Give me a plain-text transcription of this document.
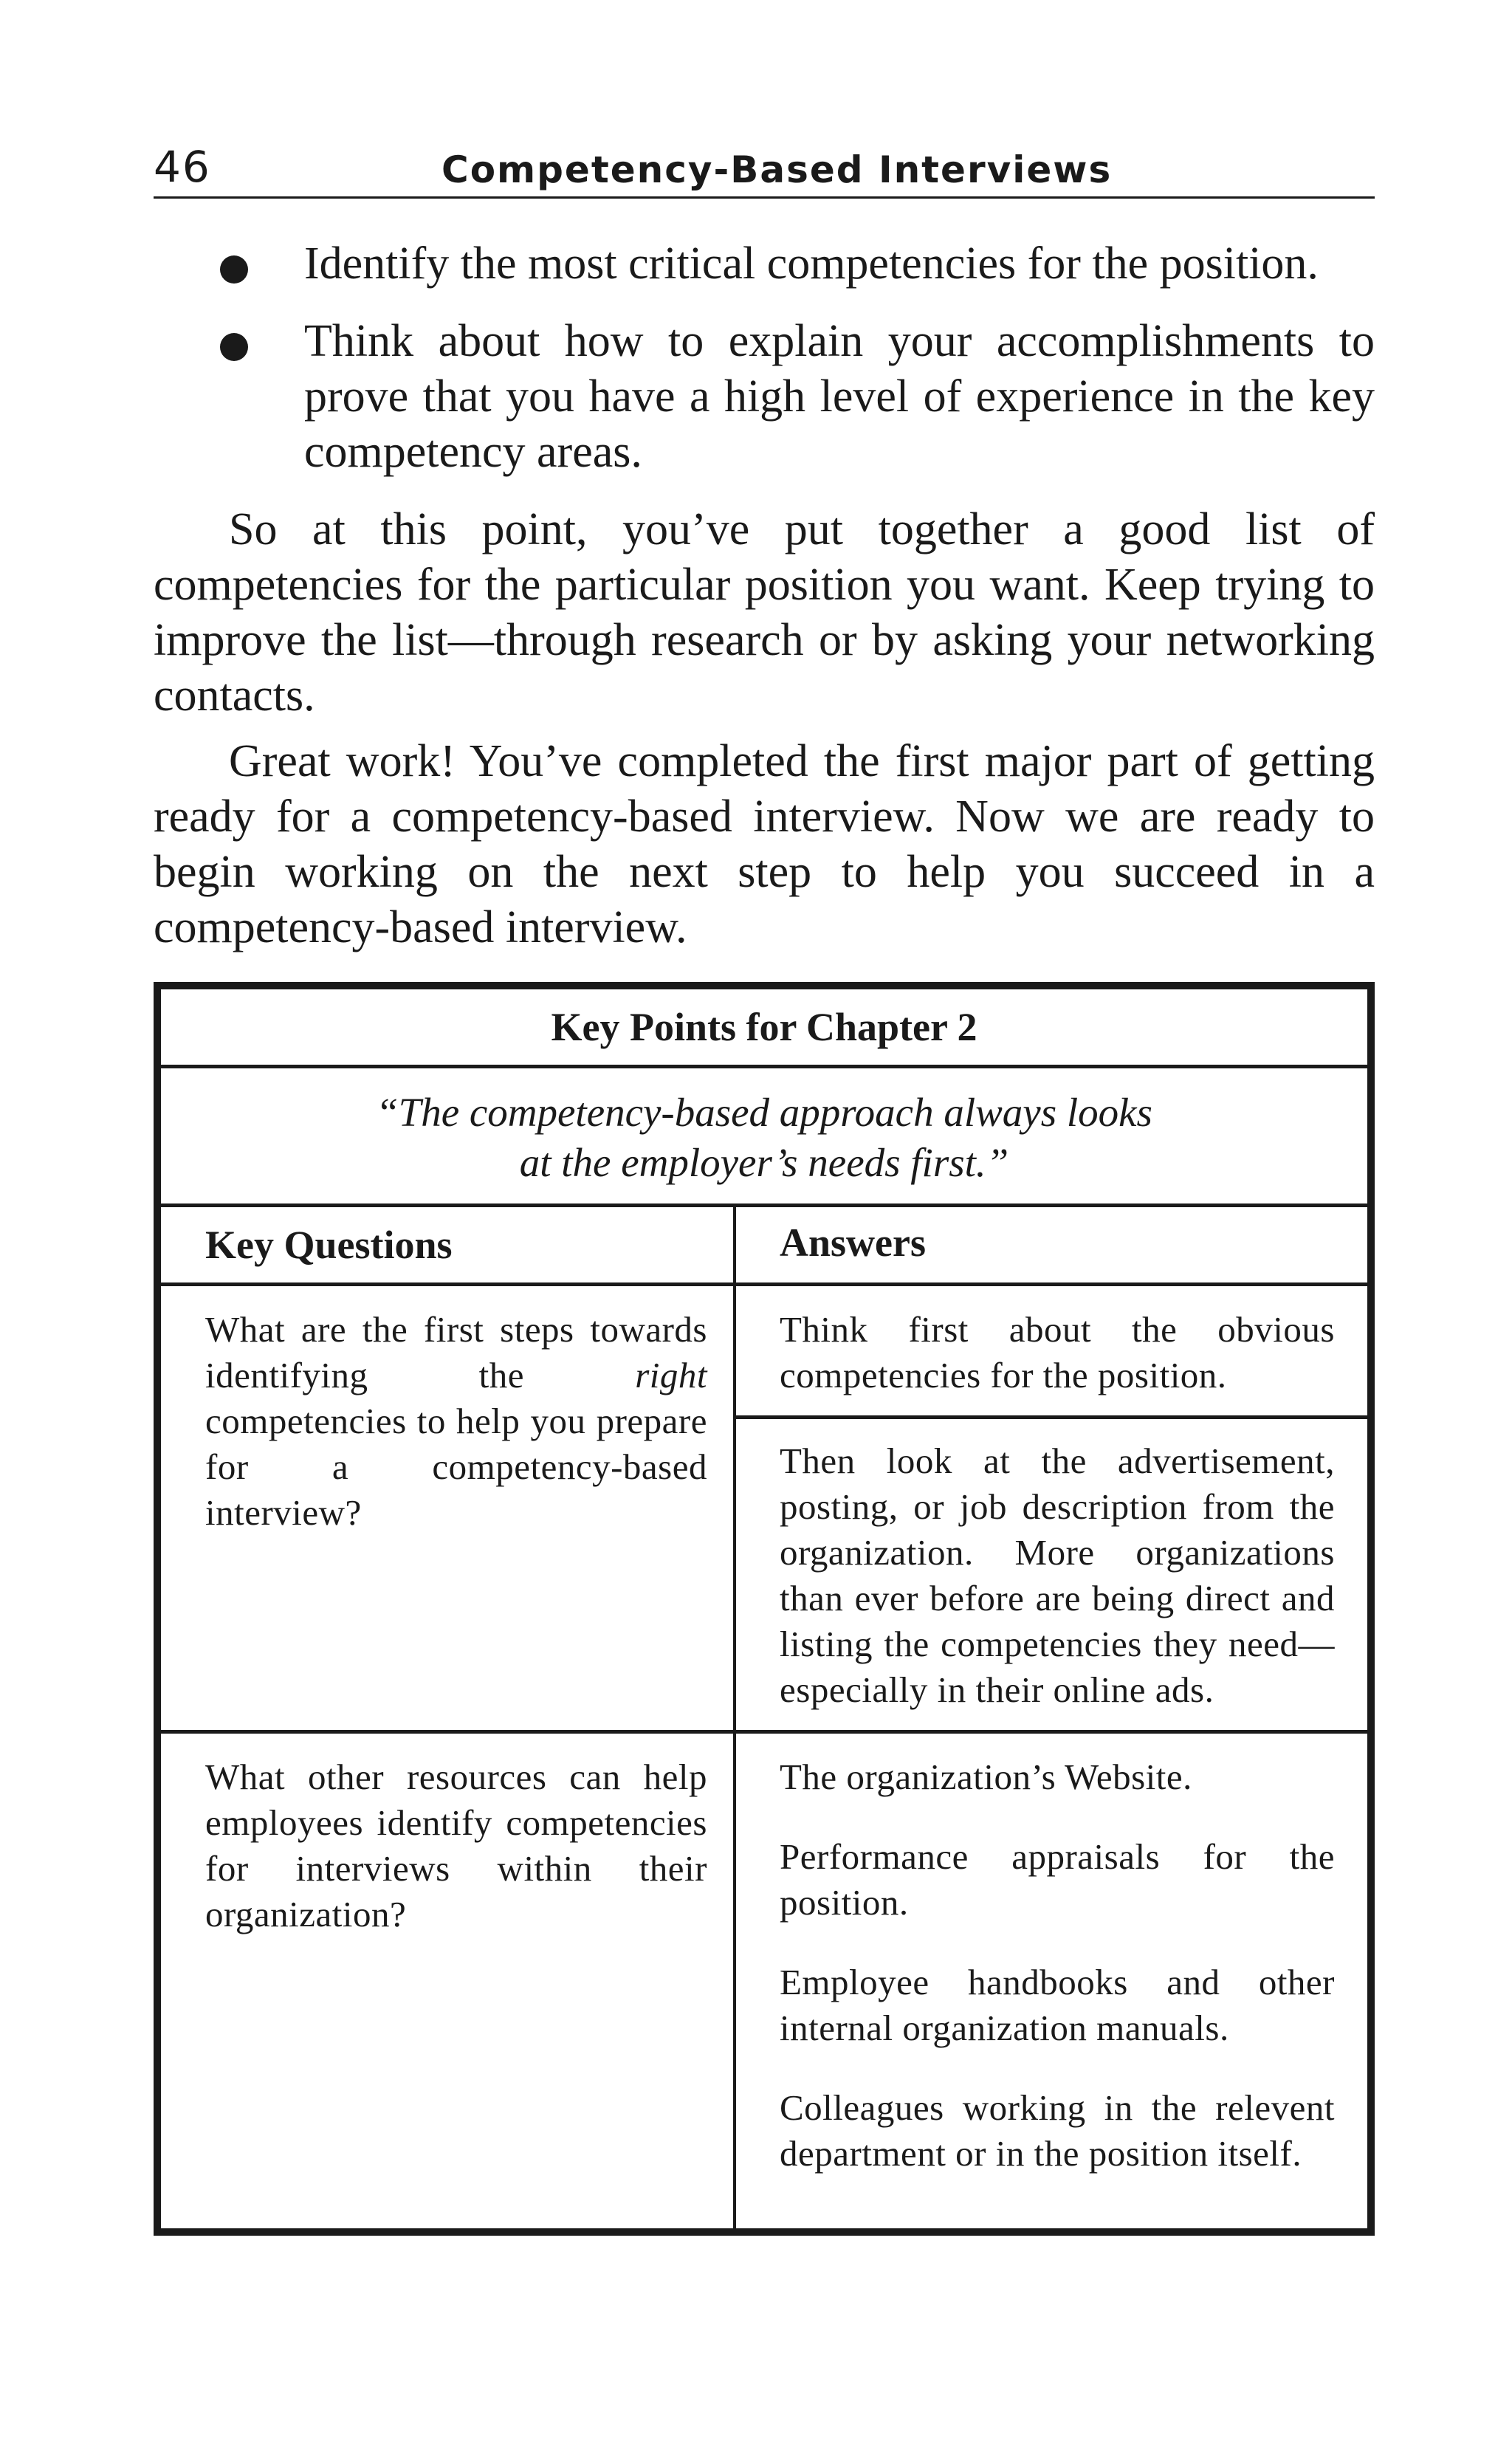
46	Competency-Based Interviews
Identify the most critical competencies for the position.
Think about how to explain your accomplishments to prove that you have a high level of experience in the key competency areas.

So at this point, you’ve put together a good list of competencies for the particular position you want. Keep trying to improve the list—through research or by asking your networking contacts.

Great work! You’ve completed the first major part of getting ready for a competency-based interview. Now we are ready to begin working on the next step to help you succeed in a competency-based interview.

Key Points for Chapter 2
“The competency-based approach always looks
at the employer’s needs first.”
Key Questions	Answers
What are the first steps towards identifying the right competencies to help you prepare for a competency-based interview?

Think first about the obvious competencies for the position.

Then look at the advertisement, posting, or job description from the organization. More organizations than ever before are being direct and listing the competencies they need—especially in their online ads.

What other resources can help employees identify competencies for interviews within their organization?

The organization’s Website.

Performance appraisals for the position.

Employee handbooks and other internal organization manuals.

Colleagues working in the relevent department or in the position itself.
